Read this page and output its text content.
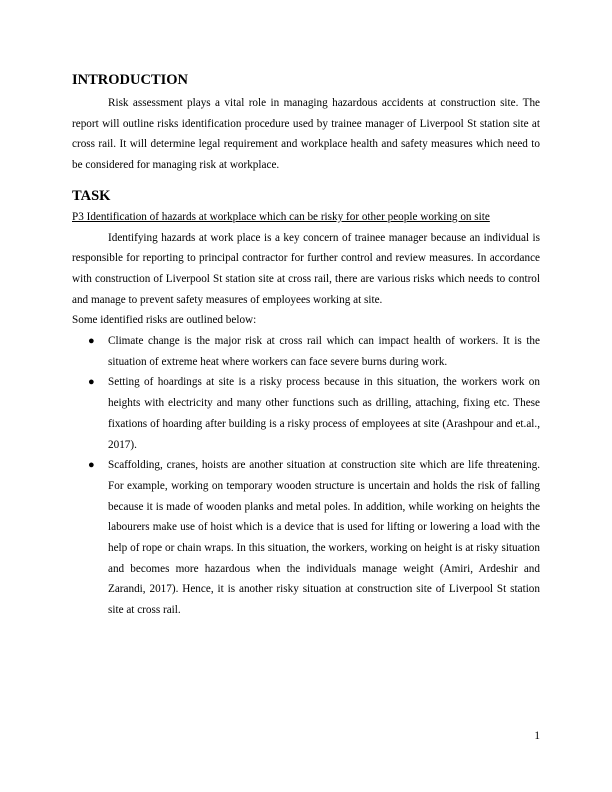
INTRODUCTION

Risk assessment plays a vital role in managing hazardous accidents at construction site. The report will outline risks identification procedure used by trainee manager of Liverpool St station site at cross rail. It will determine legal requirement and workplace health and safety measures which need to be considered for managing risk at workplace.

TASK
P3 Identification of hazards at workplace which can be risky for other people working on site

Identifying hazards at work place is a key concern of trainee manager because an individual is responsible for reporting to principal contractor for further control and review measures. In accordance with construction of Liverpool St station site at cross rail, there are various risks which needs to control and manage to prevent safety measures of employees working at site.

Some identified risks are outlined below:

● Climate change is the major risk at cross rail which can impact health of workers. It is the situation of extreme heat where workers can face severe burns during work.
● Setting of hoardings at site is a risky process because in this situation, the workers work on heights with electricity and many other functions such as drilling, attaching, fixing etc. These fixations of hoarding after building is a risky process of employees at site (Arashpour and et.al., 2017).
● Scaffolding, cranes, hoists are another situation at construction site which are life threatening. For example, working on temporary wooden structure is uncertain and holds the risk of falling because it is made of wooden planks and metal poles. In addition, while working on heights the labourers make use of hoist which is a device that is used for lifting or lowering a load with the help of rope or chain wraps. In this situation, the workers, working on height is at risky situation and becomes more hazardous when the individuals manage weight (Amiri, Ardeshir and Zarandi, 2017). Hence, it is another risky situation at construction site of Liverpool St station site at cross rail.
1
